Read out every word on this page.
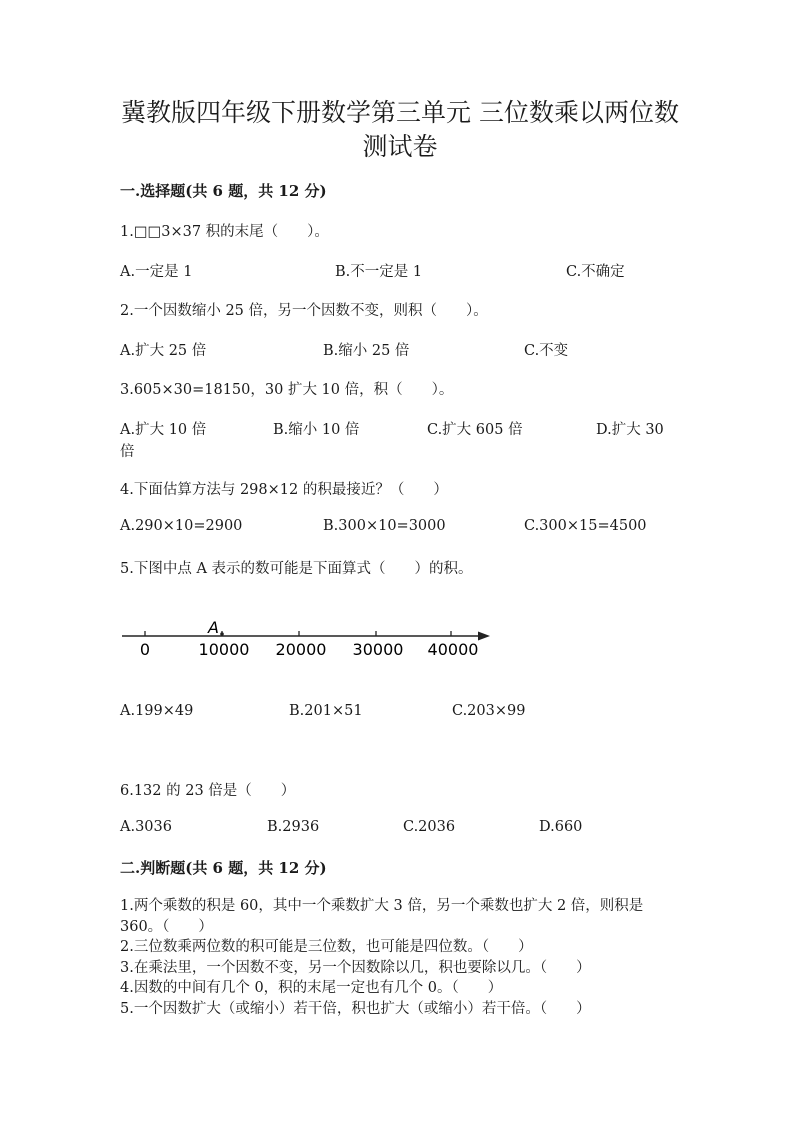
冀教版四年级下册数学第三单元 三位数乘以两位数
测试卷
一.选择题(共 6 题，共 12 分)
1.□□3×37 积的末尾（　　）。
A.一定是 1	B.不一定是 1	C.不确定
2.一个因数缩小 25 倍，另一个因数不变，则积（　　）。
A.扩大 25 倍	B.缩小 25 倍	C.不变
3.605×30=18150，30 扩大 10 倍，积（　　）。
A.扩大 10 倍	B.缩小 10 倍	C.扩大 605 倍	D.扩大 30
倍
4.下面估算方法与 298×12 的积最接近？（　　）
A.290×10=2900	B.300×10=3000	C.300×15=4500
5.下图中点 A 表示的数可能是下面算式（　　）的积。
A
0	10000 20000 30000 40000
A.199×49	B.201×51	C.203×99
6.132 的 23 倍是（　　）
A.3036	B.2936	C.2036	D.660
二.判断题(共 6 题，共 12 分)

1.两个乘数的积是 60，其中一个乘数扩大 3 倍，另一个乘数也扩大 2 倍，则积是 360。（　　）

2.三位数乘两位数的积可能是三位数，也可能是四位数。（　　）

3.在乘法里，一个因数不变，另一个因数除以几，积也要除以几。（　　）

4.因数的中间有几个 0，积的末尾一定也有几个 0。（　　）

5.一个因数扩大（或缩小）若干倍，积也扩大（或缩小）若干倍。（　　）
